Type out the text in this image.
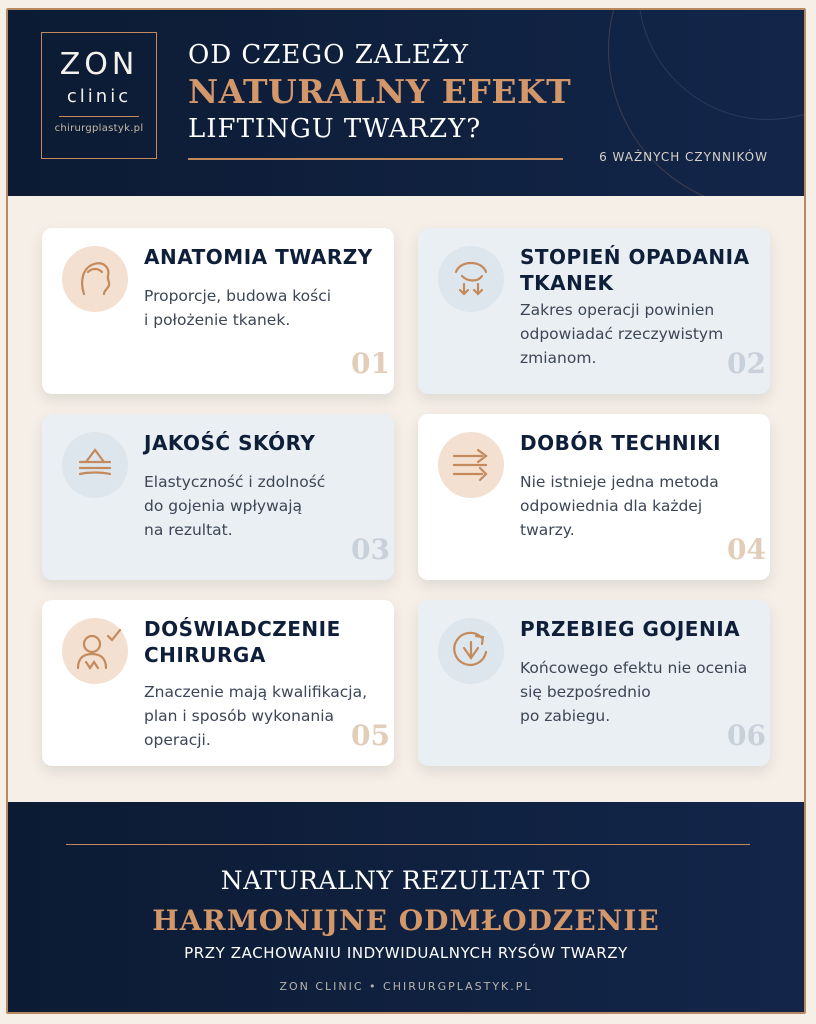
ZON
clinic
chirurgplastyk.pl
OD CZEGO ZALEŻY
NATURALNY EFEKT
LIFTINGU TWARZY?
6 WAŻNYCH CZYNNIKÓW
ANATOMIA TWARZY
Proporcje, budowa kości
i położenie tkanek.
01
STOPIEŃ OPADANIA TKANEK
Zakres operacji powinien
odpowiadać rzeczywistym
zmianom.	02
JAKOŚĆ SKÓRY
Elastyczność i zdolność
do gojenia wpływają
na rezultat.
03
DOBÓR TECHNIKI
Nie istnieje jedna metoda
odpowiednia dla każdej
twarzy.
04
DOŚWIADCZENIE CHIRURGA
Znaczenie mają kwalifikacja,
plan i sposób wykonania
operacji.	05
PRZEBIEG GOJENIA
Końcowego efektu nie ocenia
się bezpośrednio
po zabiegu.
06
NATURALNY REZULTAT TO
HARMONIJNE ODMŁODZENIE
PRZY ZACHOWANIU INDYWIDUALNYCH RYSÓW TWARZY
ZON CLINIC • CHIRURGPLASTYK.PL
